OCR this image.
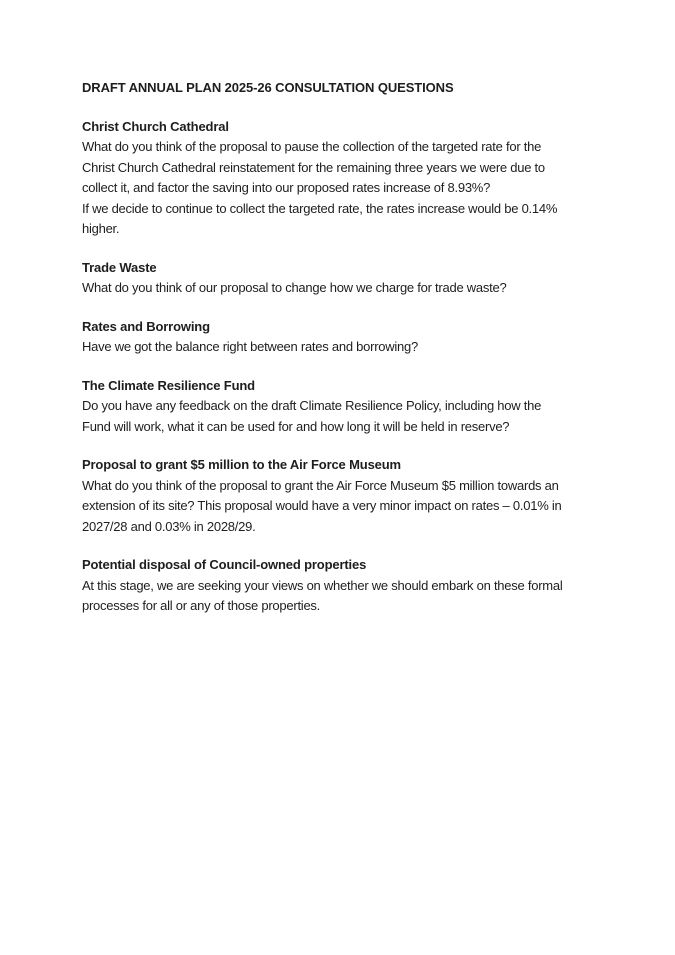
DRAFT ANNUAL PLAN 2025-26 CONSULTATION QUESTIONS
Christ Church Cathedral

What do you think of the proposal to pause the collection of the targeted rate for the

Christ Church Cathedral reinstatement for the remaining three years we were due to

collect it, and factor the saving into our proposed rates increase of 8.93%?

If we decide to continue to collect the targeted rate, the rates increase would be 0.14%

higher.

Trade Waste

What do you think of our proposal to change how we charge for trade waste?

Rates and Borrowing

Have we got the balance right between rates and borrowing?

The Climate Resilience Fund

Do you have any feedback on the draft Climate Resilience Policy, including how the

Fund will work, what it can be used for and how long it will be held in reserve?

Proposal to grant $5 million to the Air Force Museum

What do you think of the proposal to grant the Air Force Museum $5 million towards an

extension of its site? This proposal would have a very minor impact on rates – 0.01% in

2027/28 and 0.03% in 2028/29.

Potential disposal of Council-owned properties

At this stage, we are seeking your views on whether we should embark on these formal

processes for all or any of those properties.
